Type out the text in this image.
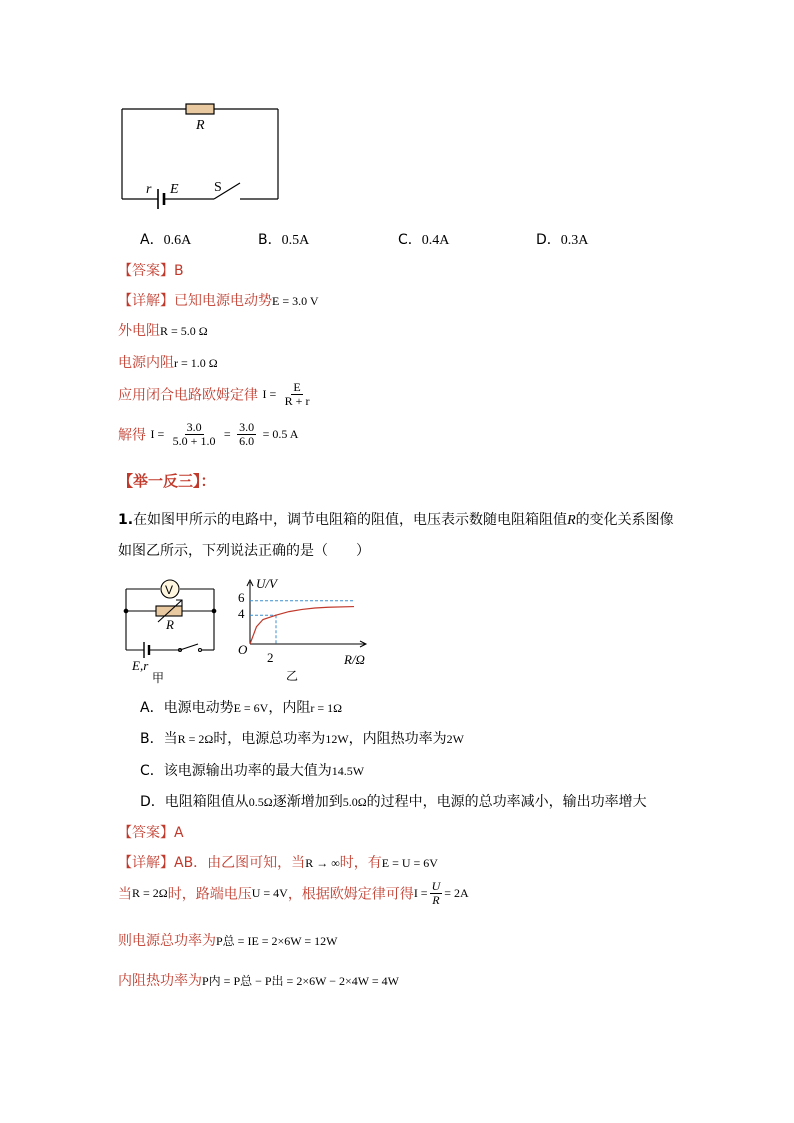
R
r E	S
A．0.6A	B．0.5A	C．0.4A	D．0.3A
【答案】B
【详解】已知电源电动势E = 3.0 V
外电阻R = 5.0 Ω
电源内阻r = 1.0 Ω
应用闭合电路欧姆定律 $I = \frac{E}{R + r}$
解得 $I = \frac{3.0}{5.0 + 1.0} = \frac{3.0}{6.0} = 0.5$ A
【举一反三】：
1.在如图甲所示的电路中，调节电阻箱的阻值，电压表示数随电阻箱阻值R的变化关系图像
如图乙所示，下列说法正确的是（　　）
V
R
E,r
甲
U/V
R/Ω
O
6
4
2
乙
A．电源电动势E = 6V，内阻r = 1Ω
B．当R = 2Ω时，电源总功率为12W，内阻热功率为2W
C．该电源输出功率的最大值为14.5W
D．电阻箱阻值从0.5Ω逐渐增加到5.0Ω的过程中，电源的总功率减小，输出功率增大
【答案】A
【详解】AB．由乙图可知，当R → ∞时，有E = U = 6V
当R = 2Ω时，路端电压U = 4V，根据欧姆定律可得$I = \frac{U}{R} = 2A$
则电源总功率为P总 = IE = 2×6W = 12W
内阻热功率为P内 = P总 − P出 = 2×6W − 2×4W = 4W
